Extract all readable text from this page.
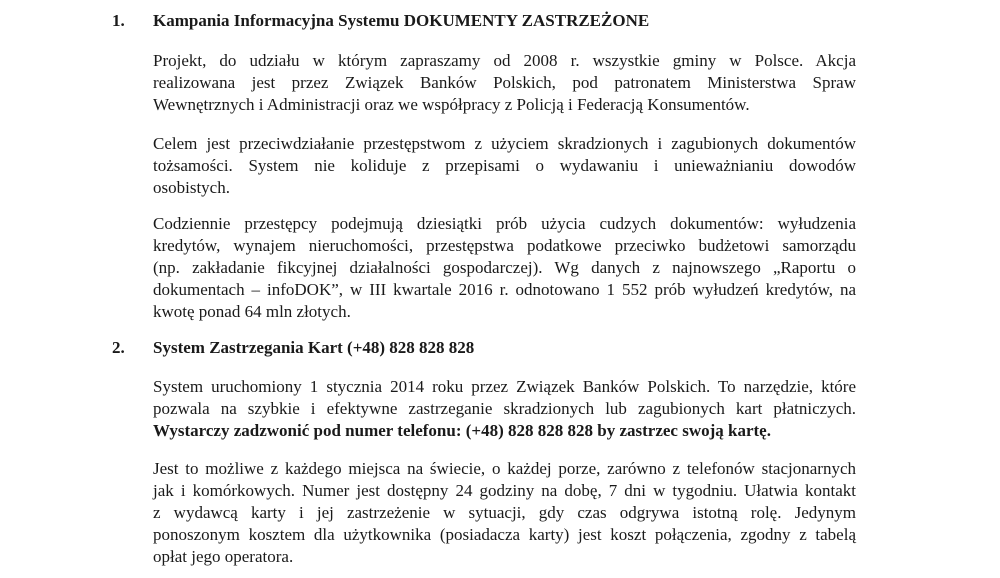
1. Kampania Informacyjna Systemu DOKUMENTY ZASTRZEŻONE
Projekt, do udziału w którym zapraszamy od 2008 r. wszystkie gminy w Polsce. Akcja
realizowana jest przez Związek Banków Polskich, pod patronatem Ministerstwa Spraw
Wewnętrznych i Administracji oraz we współpracy z Policją i Federacją Konsumentów.
Celem jest przeciwdziałanie przestępstwom z użyciem skradzionych i zagubionych dokumentów
tożsamości. System nie koliduje z przepisami o wydawaniu i unieważnianiu dowodów
osobistych.
Codziennie przestępcy podejmują dziesiątki prób użycia cudzych dokumentów: wyłudzenia
kredytów, wynajem nieruchomości, przestępstwa podatkowe przeciwko budżetowi samorządu
(np. zakładanie fikcyjnej działalności gospodarczej). Wg danych z najnowszego „Raportu o
dokumentach – infoDOK”, w III kwartale 2016 r. odnotowano 1 552 prób wyłudzeń kredytów, na
kwotę ponad 64 mln złotych.
2. System Zastrzegania Kart (+48) 828 828 828
System uruchomiony 1 stycznia 2014 roku przez Związek Banków Polskich. To narzędzie, które
pozwala na szybkie i efektywne zastrzeganie skradzionych lub zagubionych kart płatniczych.
Wystarczy zadzwonić pod numer telefonu: (+48) 828 828 828 by zastrzec swoją kartę.
Jest to możliwe z każdego miejsca na świecie, o każdej porze, zarówno z telefonów stacjonarnych
jak i komórkowych. Numer jest dostępny 24 godziny na dobę, 7 dni w tygodniu. Ułatwia kontakt
z wydawcą karty i jej zastrzeżenie w sytuacji, gdy czas odgrywa istotną rolę. Jedynym
ponoszonym kosztem dla użytkownika (posiadacza karty) jest koszt połączenia, zgodny z tabelą
opłat jego operatora.
